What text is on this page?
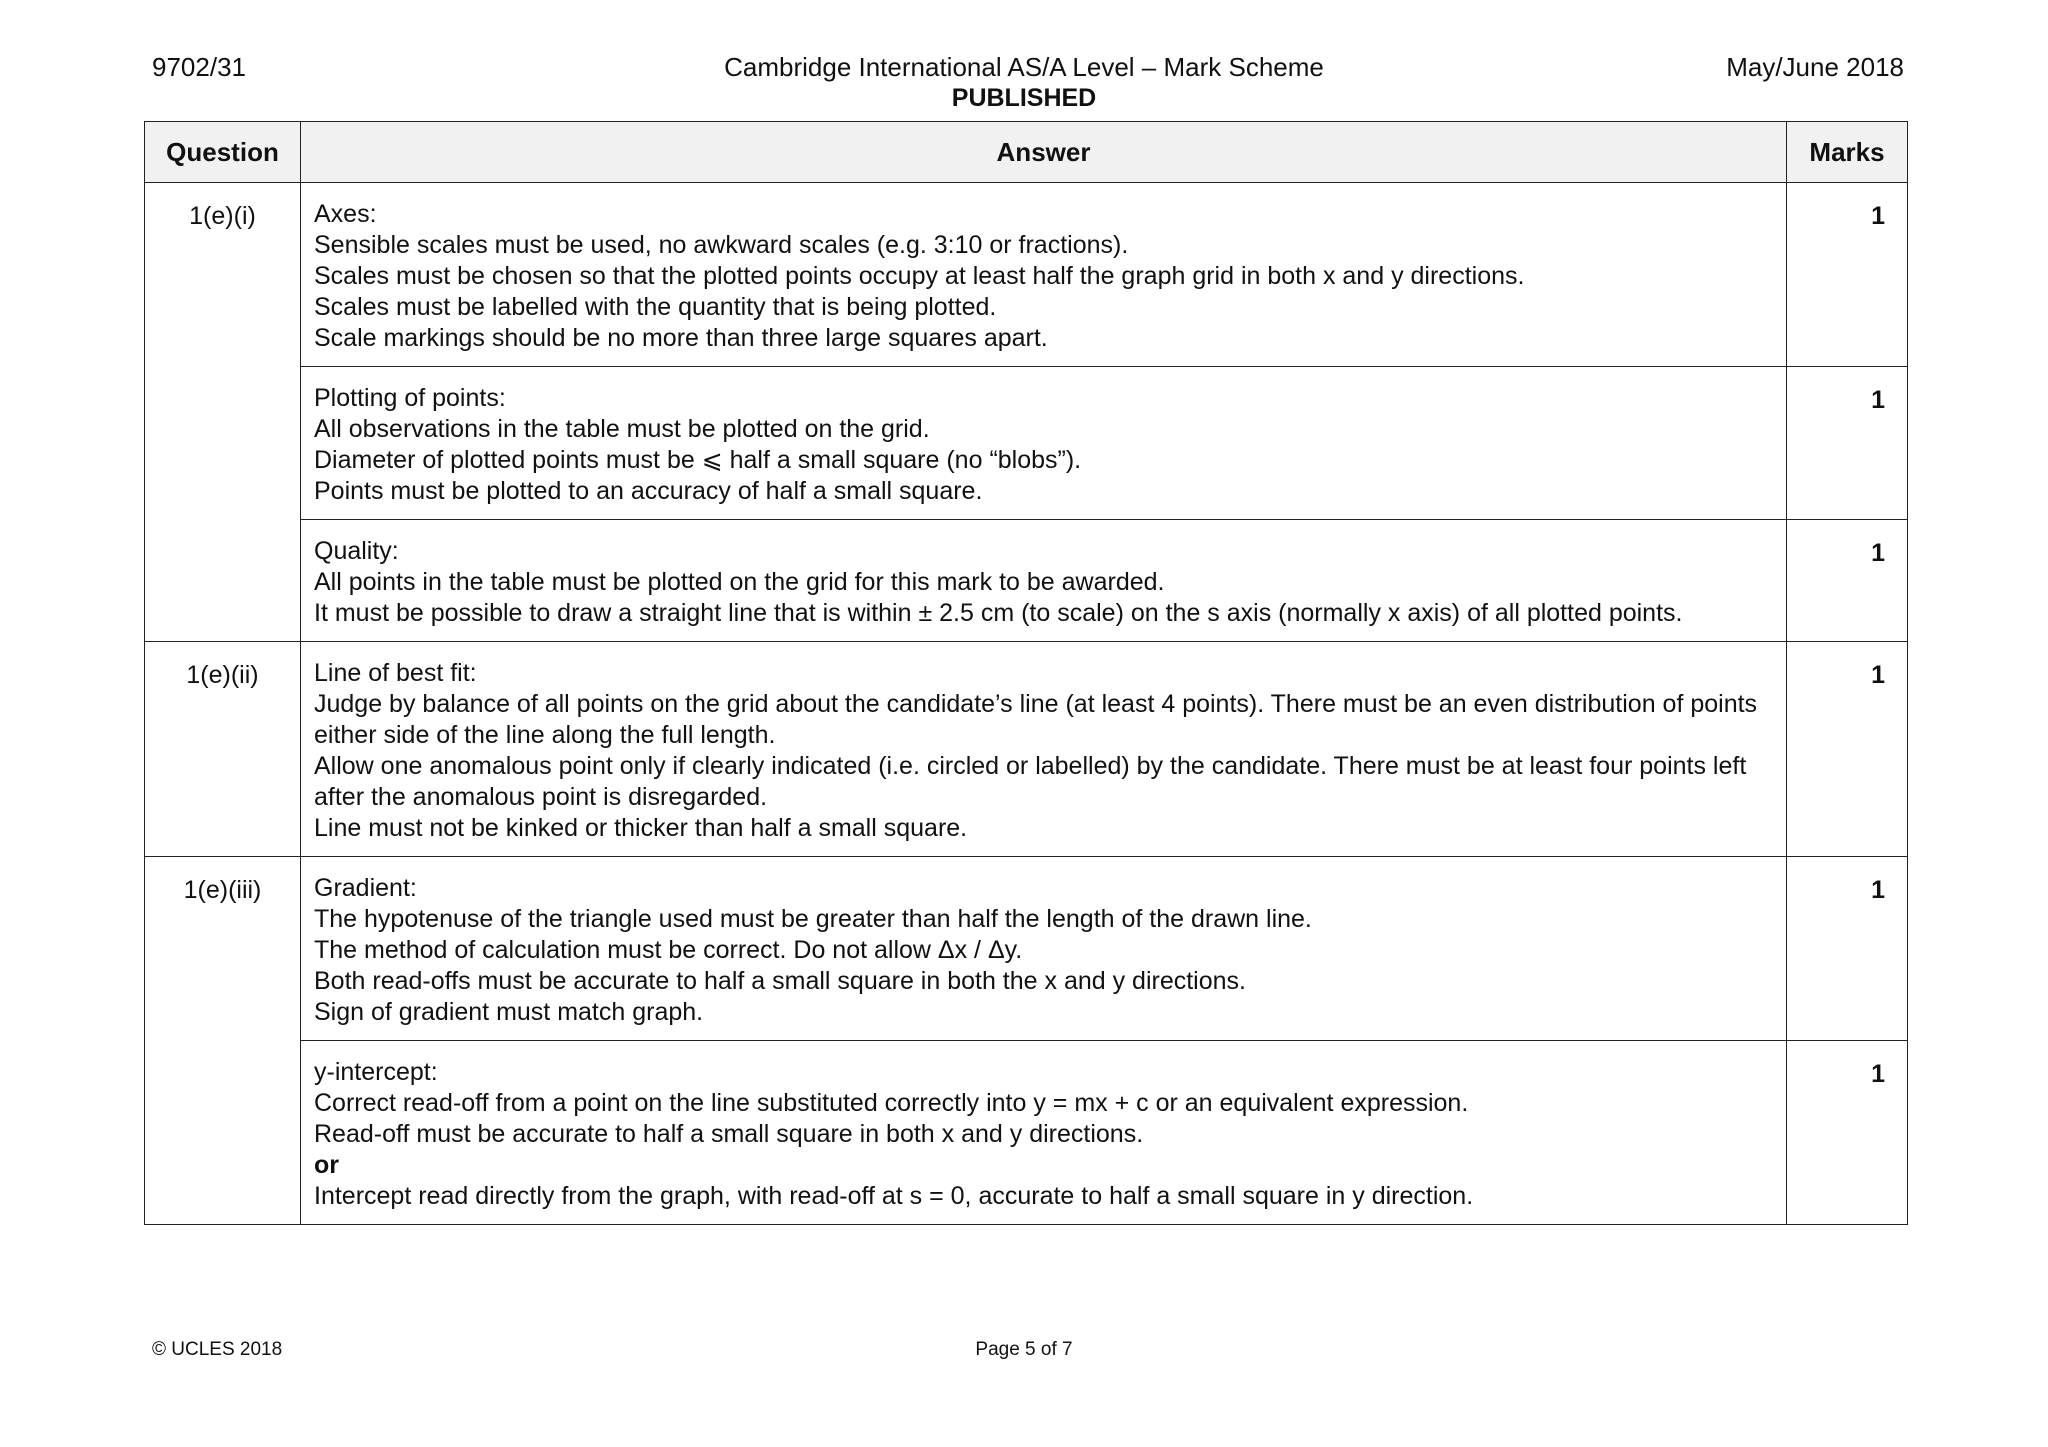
9702/31	Cambridge International AS/A Level – Mark Scheme	May/June 2018
PUBLISHED
Question	Answer	Marks
1(e)(i)	Axes:
Sensible scales must be used, no awkward scales (e.g. 3:10 or fractions).
Scales must be chosen so that the plotted points occupy at least half the graph grid in both x and y directions.
Scales must be labelled with the quantity that is being plotted.
Scale markings should be no more than three large squares apart.	1

	Plotting of points:
All observations in the table must be plotted on the grid.
Diameter of plotted points must be ⩽ half a small square (no “blobs”).
Points must be plotted to an accuracy of half a small square.	1

	Quality:
All points in the table must be plotted on the grid for this mark to be awarded.
It must be possible to draw a straight line that is within ± 2.5 cm (to scale) on the s axis (normally x axis) of all plotted points.	1
1(e)(ii)	Line of best fit:
Judge by balance of all points on the grid about the candidate’s line (at least 4 points). There must be an even distribution of points either side of the line along the full length.
Allow one anomalous point only if clearly indicated (i.e. circled or labelled) by the candidate. There must be at least four points left after the anomalous point is disregarded.
Line must not be kinked or thicker than half a small square.	1
1(e)(iii)	Gradient:
The hypotenuse of the triangle used must be greater than half the length of the drawn line.
The method of calculation must be correct. Do not allow Δx / Δy.
Both read-offs must be accurate to half a small square in both the x and y directions.
Sign of gradient must match graph.	1

	y-intercept:
Correct read-off from a point on the line substituted correctly into y = mx + c or an equivalent expression.
Read-off must be accurate to half a small square in both x and y directions.
or
Intercept read directly from the graph, with read-off at s = 0, accurate to half a small square in y direction.	1
© UCLES 2018	Page 5 of 7
